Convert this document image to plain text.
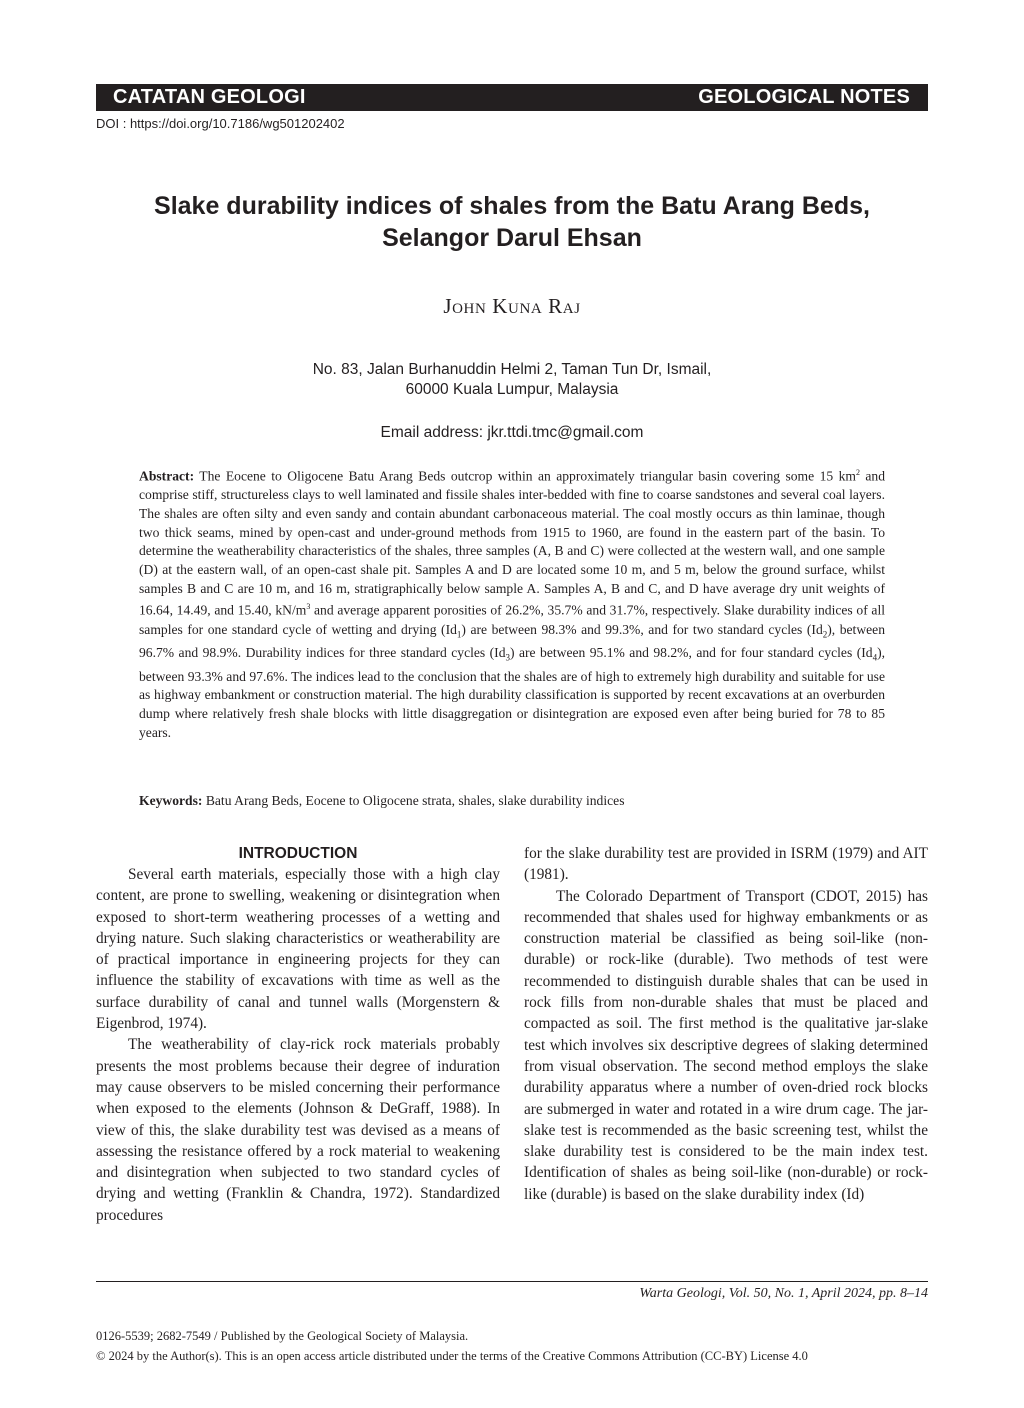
CATATAN GEOLOGI	GEOLOGICAL NOTES
DOI : https://doi.org/10.7186/wg501202402
Slake durability indices of shales from the Batu Arang Beds,
Selangor Darul Ehsan
John Kuna Raj
No. 83, Jalan Burhanuddin Helmi 2, Taman Tun Dr, Ismail,
60000 Kuala Lumpur, Malaysia
Email address: jkr.ttdi.tmc@gmail.com
Abstract: The Eocene to Oligocene Batu Arang Beds outcrop within an approximately triangular basin covering some 15 $km^2$ and comprise stiff, structureless clays to well laminated and fissile shales inter-bedded with fine to coarse sandstones and several coal layers. The shales are often silty and even sandy and contain abundant carbonaceous material. The coal mostly occurs as thin laminae, though two thick seams, mined by open-cast and under-ground methods from 1915 to 1960, are found in the eastern part of the basin. To determine the weatherability characteristics of the shales, three samples (A, B and C) were collected at the western wall, and one sample (D) at the eastern wall, of an open-cast shale pit. Samples A and D are located some 10 m, and 5 m, below the ground surface, whilst samples B and C are 10 m, and 16 m, stratigraphically below sample A. Samples A, B and C, and D have average dry unit weights of 16.64, 14.49, and 15.40, $kN/m^3$ and average apparent porosities of 26.2%, 35.7% and 31.7%, respectively. Slake durability indices of all samples for one standard cycle of wetting and drying $(Id_1)$ are between 98.3% and 99.3%, and for two standard cycles $(Id_2)$, between 96.7% and 98.9%. Durability indices for three standard cycles $(Id_3)$ are between 95.1% and 98.2%, and for four standard cycles $(Id_4)$, between 93.3% and 97.6%. The indices lead to the conclusion that the shales are of high to extremely high durability and suitable for use as highway embankment or construction material. The high durability classification is supported by recent excavations at an overburden dump where relatively fresh shale blocks with little disaggregation or disintegration are exposed even after being buried for 78 to 85 years.
Keywords: Batu Arang Beds, Eocene to Oligocene strata, shales, slake durability indices
INTRODUCTION

Several earth materials, especially those with a high clay content, are prone to swelling, weakening or disintegration when exposed to short-term weathering processes of a wetting and drying nature. Such slaking characteristics or weatherability are of practical importance in engineering projects for they can influence the stability of excavations with time as well as the surface durability of canal and tunnel walls (Morgenstern & Eigenbrod, 1974).

The weatherability of clay-rick rock materials probably presents the most problems because their degree of induration may cause observers to be misled concerning their performance when exposed to the elements (Johnson & DeGraff, 1988). In view of this, the slake durability test was devised as a means of assessing the resistance offered by a rock material to weakening and disintegration when subjected to two standard cycles of drying and wetting (Franklin & Chandra, 1972). Standardized procedures

for the slake durability test are provided in ISRM (1979) and AIT (1981).

The Colorado Department of Transport (CDOT, 2015) has recommended that shales used for highway embankments or as construction material be classified as being soil-like (non-durable) or rock-like (durable). Two methods of test were recommended to distinguish durable shales that can be used in rock fills from non-durable shales that must be placed and compacted as soil. The first method is the qualitative jar-slake test which involves six descriptive degrees of slaking determined from visual observation. The second method employs the slake durability apparatus where a number of oven-dried rock blocks are submerged in water and rotated in a wire drum cage. The jar-slake test is recommended as the basic screening test, whilst the slake durability test is considered to be the main index test. Identification of shales as being soil-like (non-durable) or rock-like (durable) is based on the slake durability index (Id)

Warta Geologi, Vol. 50, No. 1, April 2024, pp. 8–14
0126-5539; 2682-7549 / Published by the Geological Society of Malaysia.
© 2024 by the Author(s). This is an open access article distributed under the terms of the Creative Commons Attribution (CC-BY) License 4.0
